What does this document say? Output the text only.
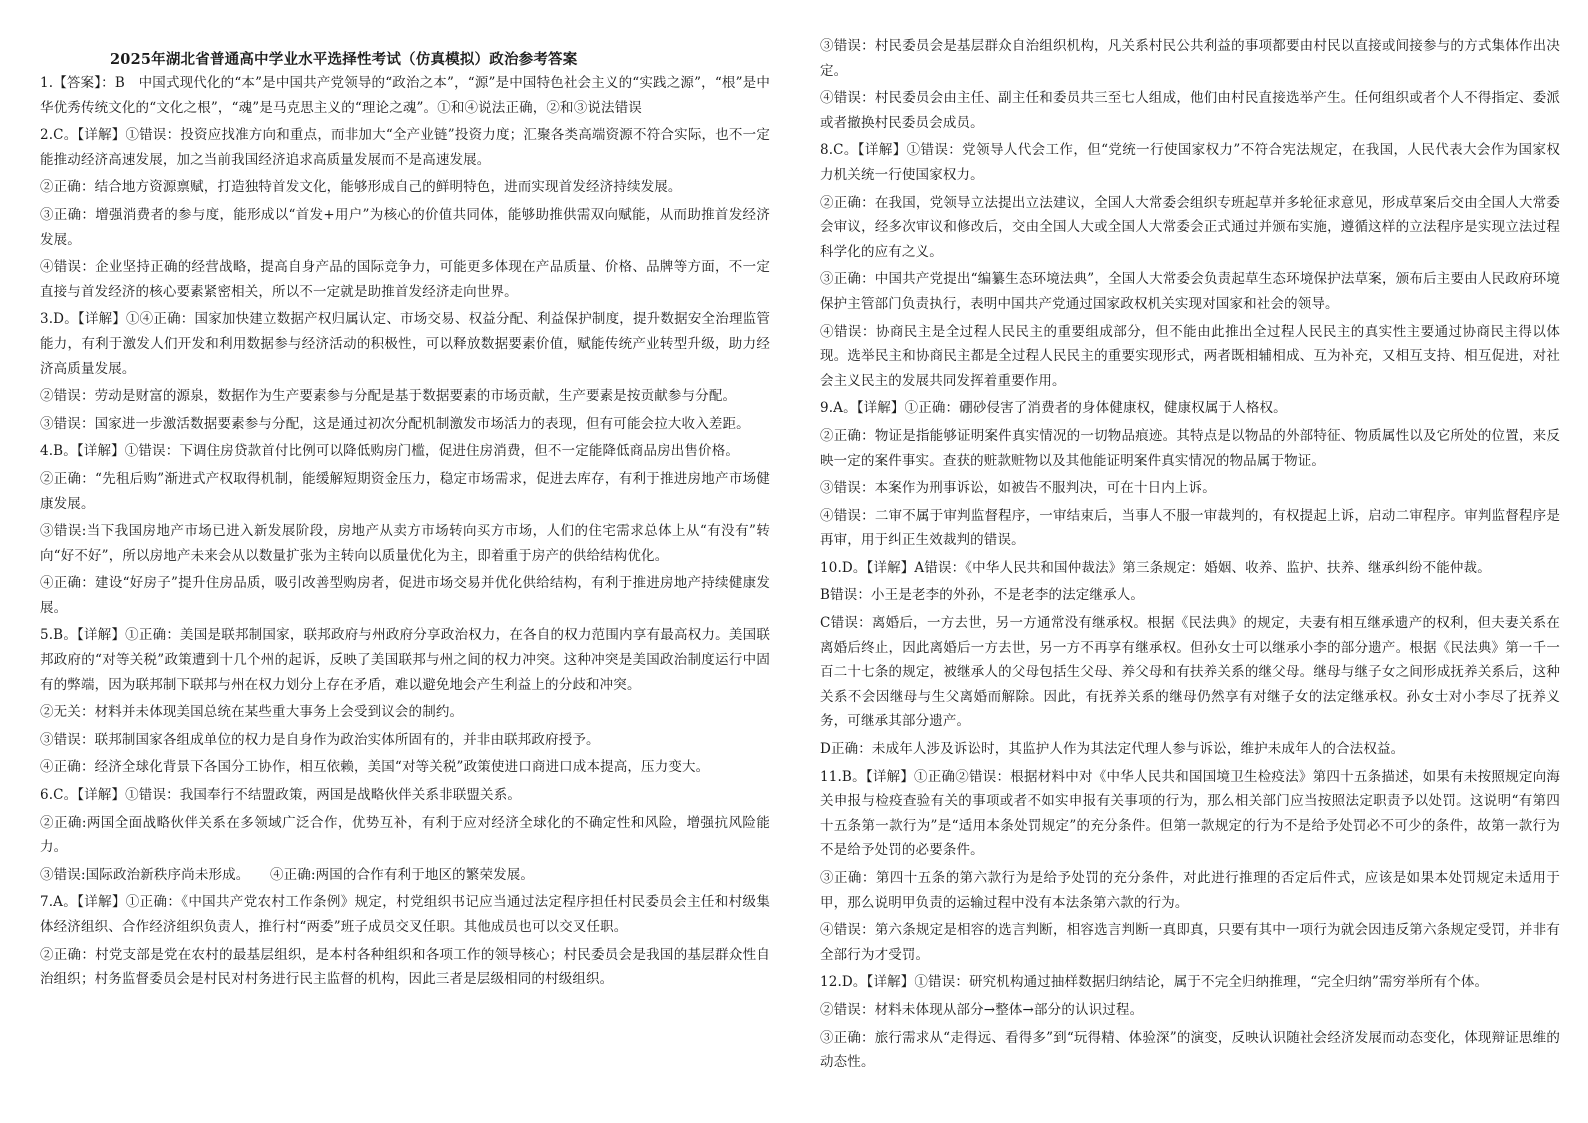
2025年湖北省普通高中学业水平选择性考试（仿真模拟）政治参考答案

1.【答案】：B　中国式现代化的“本”是中国共产党领导的“政治之本”，“源”是中国特色社会主义的“实践之源”，“根”是中华优秀传统文化的“文化之根”，“魂”是马克思主义的“理论之魂”。①和④说法正确，②和③说法错误

2.C。【详解】①错误：投资应找准方向和重点，而非加大“全产业链”投资力度；汇聚各类高端资源不符合实际，也不一定能推动经济高速发展，加之当前我国经济追求高质量发展而不是高速发展。

②正确：结合地方资源禀赋，打造独特首发文化，能够形成自己的鲜明特色，进而实现首发经济持续发展。

③正确：增强消费者的参与度，能形成以“首发+用户”为核心的价值共同体，能够助推供需双向赋能，从而助推首发经济发展。

④错误：企业坚持正确的经营战略，提高自身产品的国际竞争力，可能更多体现在产品质量、价格、品牌等方面，不一定直接与首发经济的核心要素紧密相关，所以不一定就是助推首发经济走向世界。

3.D。【详解】①④正确：国家加快建立数据产权归属认定、市场交易、权益分配、利益保护制度，提升数据安全治理监管能力，有利于激发人们开发和利用数据参与经济活动的积极性，可以释放数据要素价值，赋能传统产业转型升级，助力经济高质量发展。

②错误：劳动是财富的源泉，数据作为生产要素参与分配是基于数据要素的市场贡献，生产要素是按贡献参与分配。

③错误：国家进一步激活数据要素参与分配，这是通过初次分配机制激发市场活力的表现，但有可能会拉大收入差距。

4.B。【详解】①错误：下调住房贷款首付比例可以降低购房门槛，促进住房消费，但不一定能降低商品房出售价格。

②正确：“先租后购”渐进式产权取得机制，能缓解短期资金压力，稳定市场需求，促进去库存，有利于推进房地产市场健康发展。

③错误:当下我国房地产市场已进入新发展阶段，房地产从卖方市场转向买方市场，人们的住宅需求总体上从“有没有”转向“好不好”，所以房地产未来会从以数量扩张为主转向以质量优化为主，即着重于房产的供给结构优化。

④正确：建设“好房子”提升住房品质，吸引改善型购房者，促进市场交易并优化供给结构，有利于推进房地产持续健康发展。

5.B。【详解】①正确：美国是联邦制国家，联邦政府与州政府分享政治权力，在各自的权力范围内享有最高权力。美国联邦政府的“对等关税”政策遭到十几个州的起诉，反映了美国联邦与州之间的权力冲突。这种冲突是美国政治制度运行中固有的弊端，因为联邦制下联邦与州在权力划分上存在矛盾，难以避免地会产生利益上的分歧和冲突。

②无关：材料并未体现美国总统在某些重大事务上会受到议会的制约。

③错误：联邦制国家各组成单位的权力是自身作为政治实体所固有的，并非由联邦政府授予。

④正确：经济全球化背景下各国分工协作，相互依赖，美国“对等关税”政策使进口商进口成本提高，压力变大。

6.C。【详解】①错误：我国奉行不结盟政策，两国是战略伙伴关系非联盟关系。

②正确:两国全面战略伙伴关系在多领域广泛合作，优势互补，有利于应对经济全球化的不确定性和风险，增强抗风险能力。

③错误:国际政治新秩序尚未形成。　　④正确:两国的合作有利于地区的繁荣发展。

7.A。【详解】①正确：《中国共产党农村工作条例》规定，村党组织书记应当通过法定程序担任村民委员会主任和村级集体经济组织、合作经济组织负责人，推行村“两委”班子成员交叉任职。其他成员也可以交叉任职。

②正确：村党支部是党在农村的最基层组织，是本村各种组织和各项工作的领导核心；村民委员会是我国的基层群众性自治组织；村务监督委员会是村民对村务进行民主监督的机构，因此三者是层级相同的村级组织。

③错误：村民委员会是基层群众自治组织机构，凡关系村民公共利益的事项都要由村民以直接或间接参与的方式集体作出决定。

④错误：村民委员会由主任、副主任和委员共三至七人组成，他们由村民直接选举产生。任何组织或者个人不得指定、委派或者撤换村民委员会成员。

8.C。【详解】①错误：党领导人代会工作，但“党统一行使国家权力”不符合宪法规定，在我国，人民代表大会作为国家权力机关统一行使国家权力。

②正确：在我国，党领导立法提出立法建议，全国人大常委会组织专班起草并多轮征求意见，形成草案后交由全国人大常委会审议，经多次审议和修改后，交由全国人大或全国人大常委会正式通过并颁布实施，遵循这样的立法程序是实现立法过程科学化的应有之义。

③正确：中国共产党提出“编纂生态环境法典”，全国人大常委会负责起草生态环境保护法草案，颁布后主要由人民政府环境保护主管部门负责执行，表明中国共产党通过国家政权机关实现对国家和社会的领导。

④错误：协商民主是全过程人民民主的重要组成部分，但不能由此推出全过程人民民主的真实性主要通过协商民主得以体现。选举民主和协商民主都是全过程人民民主的重要实现形式，两者既相辅相成、互为补充，又相互支持、相互促进，对社会主义民主的发展共同发挥着重要作用。

9.A。【详解】①正确：硼砂侵害了消费者的身体健康权，健康权属于人格权。

②正确：物证是指能够证明案件真实情况的一切物品痕迹。其特点是以物品的外部特征、物质属性以及它所处的位置，来反映一定的案件事实。查获的赃款赃物以及其他能证明案件真实情况的物品属于物证。

③错误：本案作为刑事诉讼，如被告不服判决，可在十日内上诉。

④错误：二审不属于审判监督程序，一审结束后，当事人不服一审裁判的，有权提起上诉，启动二审程序。审判监督程序是再审，用于纠正生效裁判的错误。

10.D。【详解】A错误：《中华人民共和国仲裁法》第三条规定：婚姻、收养、监护、扶养、继承纠纷不能仲裁。

B错误：小王是老李的外孙，不是老李的法定继承人。

C错误：离婚后，一方去世，另一方通常没有继承权。根据《民法典》的规定，夫妻有相互继承遗产的权利，但夫妻关系在离婚后终止，因此离婚后一方去世，另一方不再享有继承权。但孙女士可以继承小李的部分遗产。根据《民法典》第一千一百二十七条的规定，被继承人的父母包括生父母、养父母和有扶养关系的继父母。继母与继子女之间形成抚养关系后，这种关系不会因继母与生父离婚而解除。因此，有抚养关系的继母仍然享有对继子女的法定继承权。孙女士对小李尽了抚养义务，可继承其部分遗产。

D正确：未成年人涉及诉讼时，其监护人作为其法定代理人参与诉讼，维护未成年人的合法权益。

11.B。【详解】①正确②错误：根据材料中对《中华人民共和国国境卫生检疫法》第四十五条描述，如果有未按照规定向海关申报与检疫查验有关的事项或者不如实申报有关事项的行为，那么相关部门应当按照法定职责予以处罚。这说明“有第四十五条第一款行为”是“适用本条处罚规定”的充分条件。但第一款规定的行为不是给予处罚必不可少的条件，故第一款行为不是给予处罚的必要条件。

③正确：第四十五条的第六款行为是给予处罚的充分条件，对此进行推理的否定后件式，应该是如果本处罚规定未适用于甲，那么说明甲负责的运输过程中没有本法条第六款的行为。

④错误：第六条规定是相容的选言判断，相容选言判断一真即真，只要有其中一项行为就会因违反第六条规定受罚，并非有全部行为才受罚。

12.D。【详解】①错误：研究机构通过抽样数据归纳结论，属于不完全归纳推理，“完全归纳”需穷举所有个体。

②错误：材料未体现从部分→整体→部分的认识过程。

③正确：旅行需求从“走得远、看得多”到“玩得精、体验深”的演变，反映认识随社会经济发展而动态变化，体现辩证思维的动态性。
